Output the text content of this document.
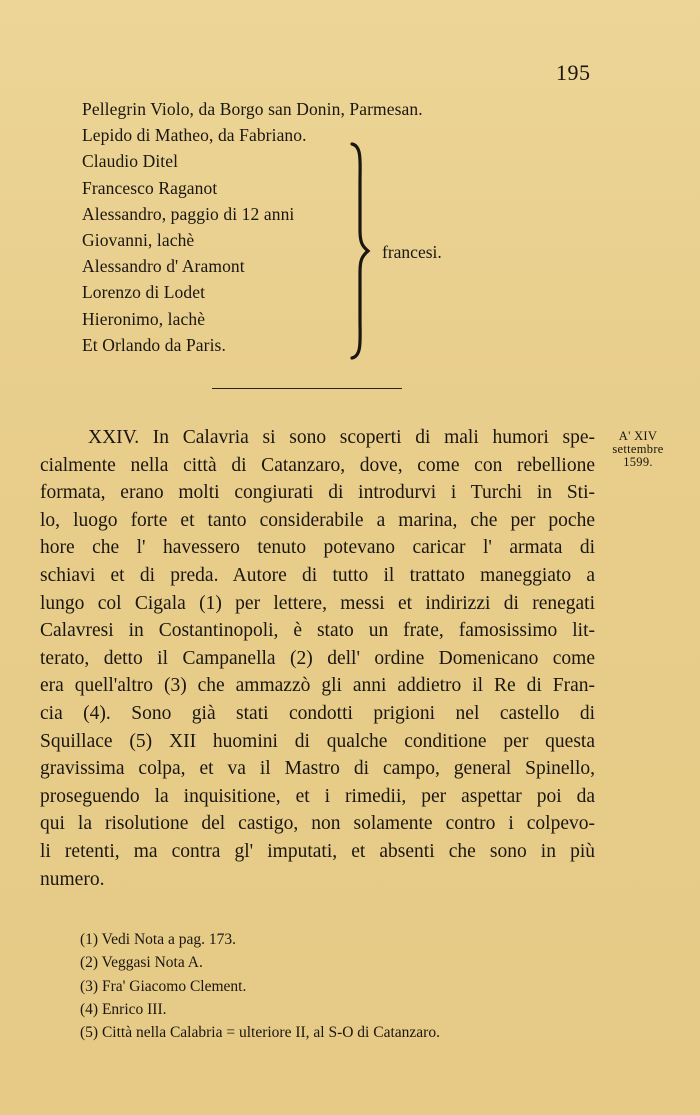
195
Pellegrin Violo, da Borgo san Donin, Parmesan.
Lepido di Matheo, da Fabriano.
Claudio Ditel
Francesco Raganot
Alessandro, paggio di 12 anni
Giovanni, lachè
Alessandro d' Aramont
Lorenzo di Lodet
Hieronimo, lachè
Et Orlando da Paris.
francesi.
XXIV. In Calavria si sono scoperti di mali humori spe-
cialmente nella città di Catanzaro, dove, come con rebellione
formata, erano molti congiurati di introdurvi i Turchi in Sti-
lo, luogo forte et tanto considerabile a marina, che per poche
hore che l' havessero tenuto potevano caricar l' armata di
schiavi et di preda. Autore di tutto il trattato maneggiato a
lungo col Cigala (1) per lettere, messi et indirizzi di renegati
Calavresi in Costantinopoli, è stato un frate, famosissimo lit-
terato, detto il Campanella (2) dell' ordine Domenicano come
era quell'altro (3) che ammazzò gli anni addietro il Re di Fran-
cia (4). Sono già stati condotti prigioni nel castello di
Squillace (5) XII huomini di qualche conditione per questa
gravissima colpa, et va il Mastro di campo, general Spinello,
proseguendo la inquisitione, et i rimedii, per aspettar poi da
qui la risolutione del castigo, non solamente contro i colpevo-
li retenti, ma contra gl' imputati, et absenti che sono in più
numero.
A' XIV
settembre
1599.
(1) Vedi Nota a pag. 173.
(2) Veggasi Nota A.
(3) Fra' Giacomo Clement.
(4) Enrico III.
(5) Città nella Calabria = ulteriore II, al S-O di Catanzaro.
